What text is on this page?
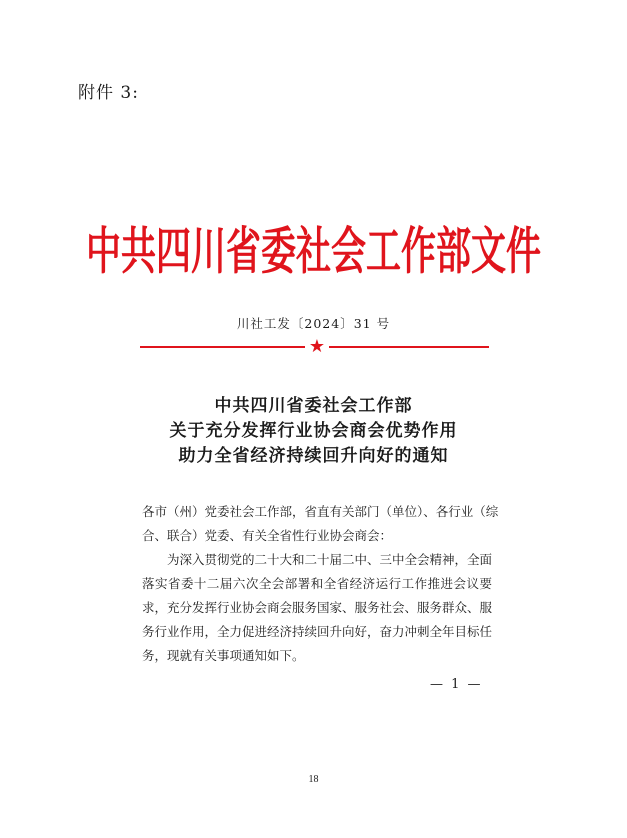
附件 3:
中共四川省委社会工作部文件
川社工发〔2024〕31 号
★
中共四川省委社会工作部
关于充分发挥行业协会商会优势作用
助力全省经济持续回升向好的通知
各市（州）党委社会工作部，省直有关部门（单位）、各行业（综
合、联合）党委、有关全省性行业协会商会：
为深入贯彻党的二十大和二十届二中、三中全会精神，全面
落实省委十二届六次全会部署和全省经济运行工作推进会议要
求，充分发挥行业协会商会服务国家、服务社会、服务群众、服
务行业作用，全力促进经济持续回升向好，奋力冲刺全年目标任
务，现就有关事项通知如下。
— 1 —
18
